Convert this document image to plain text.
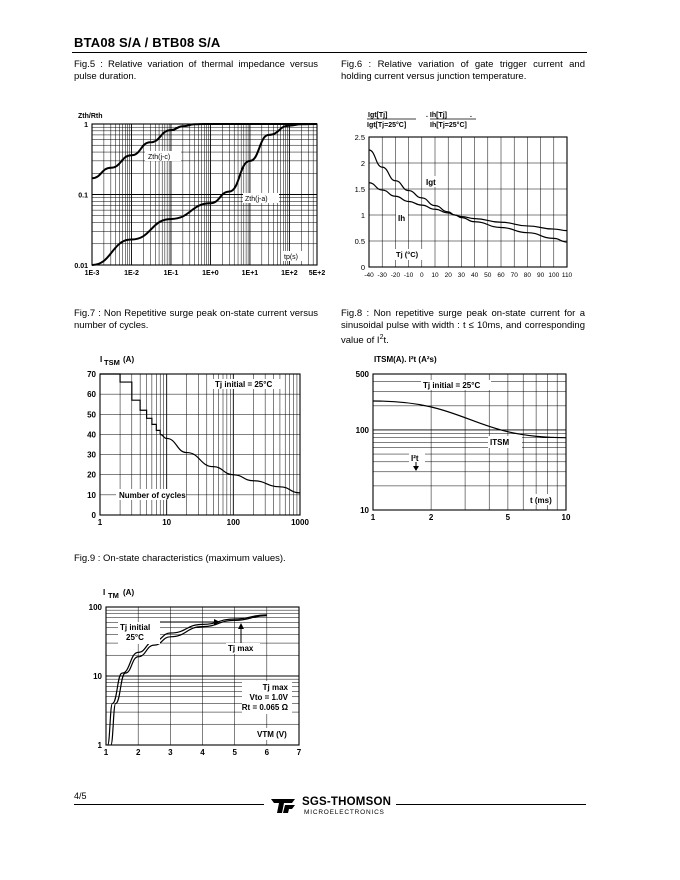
BTA08 S/A / BTB08 S/A
Fig.5 : Relative variation of thermal impedance versus pulse duration.
Fig.6 : Relative variation of gate trigger current and holding current versus junction temperature.
Fig.7 : Non Repetitive surge peak on-state current versus number of cycles.
Fig.8 : Non repetitive surge peak on-state current for a sinusoidal pulse with width : t ≤ 10ms, and corresponding value of $I^2t$.
Fig.9 : On-state characteristics (maximum values).
1E-3	1E-2	1E-1	1E+0	1E+1	1E+2 5E+2
0.01
0.1
1
Zth/Rth
Zth(j-c)
Zth(j-a)
tp(s)
-40 -30 -20 -10 0 10 20 30 40 50 60 70 80 90 100 110
0
0.5
1
1.5
2
2.5
Igt[Tj]
Igt[Tj=25°C]
. Ih[Tj]
Ih[Tj=25°C]
.
Igt
Ih
Tj (°C)
1	10	100	1000
0
10
20
30
40
50
60
70
I TSM (A)
Tj initial = 25°C
Number of cycles
1	2	5	10
10
100
500
ITSM(A). I²t (A²s)
Tj initial = 25°C
ITSM
I²t
t (ms)
1	2	3	4	5	6	7
1
10
100
I TM (A)
Tj initial
25°C
Tj max
Tj max
Vto = 1.0V
Rt = 0.065 Ω
VTM (V)
4/5	SGS-THOMSON
MICROELECTRONICS
